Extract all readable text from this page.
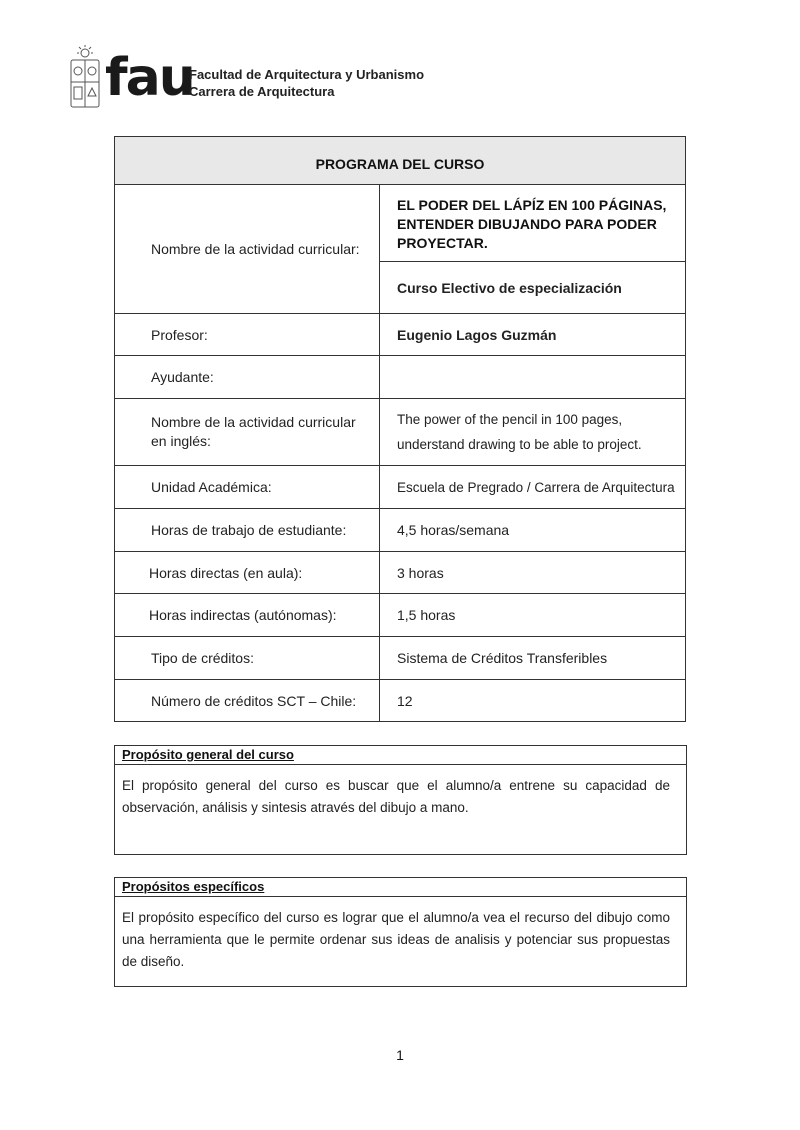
fau
Facultad de Arquitectura y Urbanismo
Carrera de Arquitectura
PROGRAMA DEL CURSO	
Nombre de la actividad curricular:	EL PODER DEL LÁPÍZ EN 100 PÁGINAS, ENTENDER DIBUJANDO PARA PODER PROYECTAR.

	Curso Electivo de especialización
Profesor:	Eugenio Lagos Guzmán
Ayudante:	
Nombre de la actividad curricular en inglés:	The power of the pencil in 100 pages, understand drawing to be able to project.
Unidad Académica:	Escuela de Pregrado / Carrera de Arquitectura
Horas de trabajo de estudiante:	4,5 horas/semana
Horas directas (en aula):	3 horas
Horas indirectas (autónomas):	1,5 horas
Tipo de créditos:	Sistema de Créditos Transferibles
Número de créditos SCT – Chile:	12
Propósito general del curso
El propósito general del curso es buscar que el alumno/a entrene su capacidad de observación, análisis y sintesis através del dibujo a mano.
Propósitos específicos
El propósito específico del curso es lograr que el alumno/a vea el recurso del dibujo como una herramienta que le permite ordenar sus ideas de analisis y potenciar sus propuestas de diseño.
1
